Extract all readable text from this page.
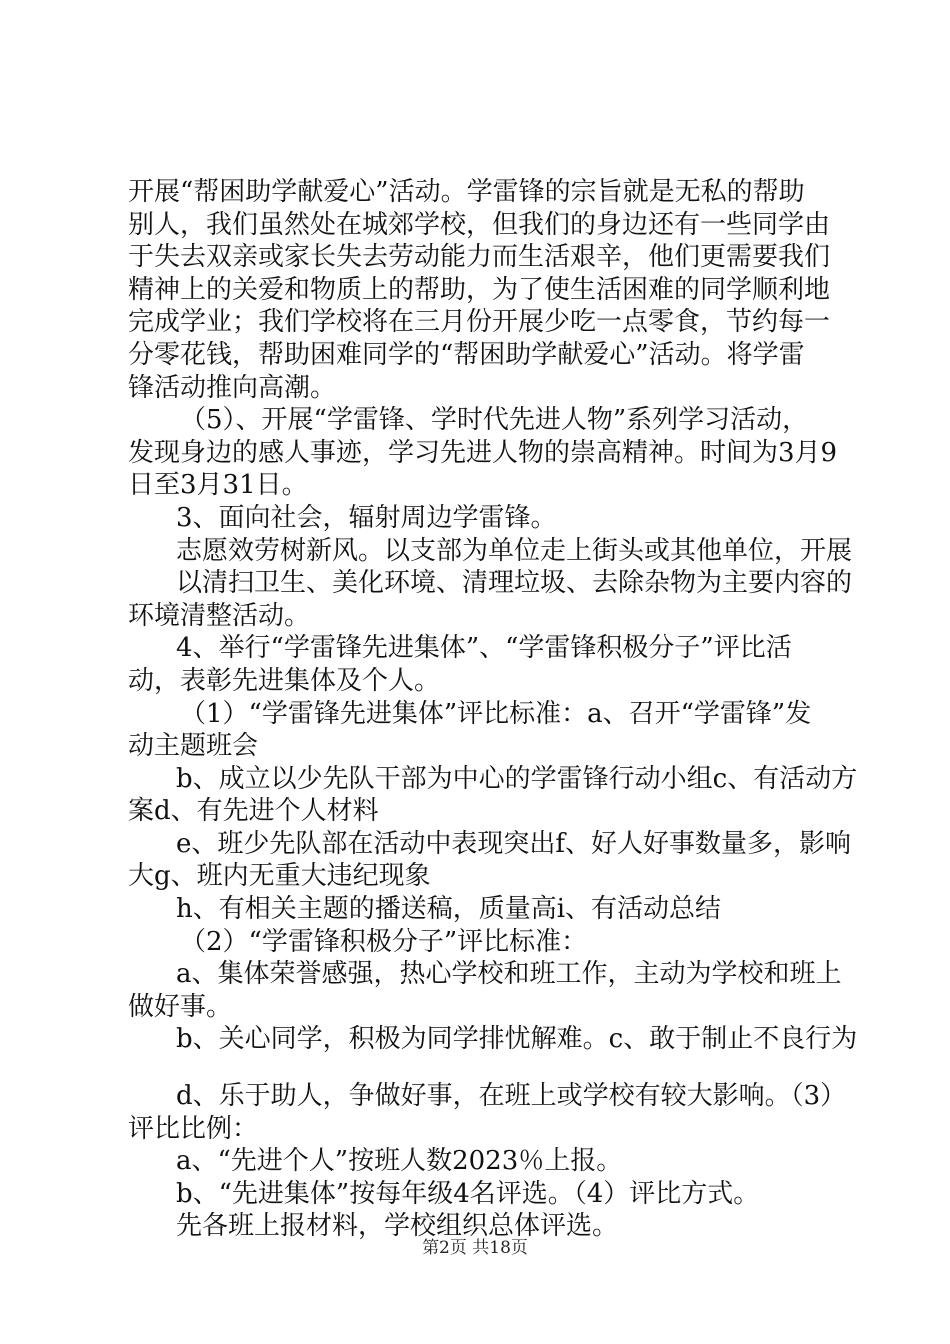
开展“帮困助学献爱心”活动。学雷锋的宗旨就是无私的帮助
别人，我们虽然处在城郊学校，但我们的身边还有一些同学由
于失去双亲或家长失去劳动能力而生活艰辛，他们更需要我们
精神上的关爱和物质上的帮助，为了使生活困难的同学顺利地
完成学业；我们学校将在三月份开展少吃一点零食，节约每一
分零花钱，帮助困难同学的“帮困助学献爱心”活动。将学雷
锋活动推向高潮。
（5）、开展“学雷锋、学时代先进人物”系列学习活动，
发现身边的感人事迹，学习先进人物的崇高精神。时间为3月9
日至3月31日。
3、面向社会，辐射周边学雷锋。
志愿效劳树新风。以支部为单位走上街头或其他单位，开展
以清扫卫生、美化环境、清理垃圾、去除杂物为主要内容的
环境清整活动。
4、举行“学雷锋先进集体”、“学雷锋积极分子”评比活
动，表彰先进集体及个人。
（1）“学雷锋先进集体”评比标准：a、召开“学雷锋”发
动主题班会
b、成立以少先队干部为中心的学雷锋行动小组c、有活动方
案d、有先进个人材料
e、班少先队部在活动中表现突出f、好人好事数量多，影响
大g、班内无重大违纪现象
h、有相关主题的播送稿，质量高i、有活动总结
（2）“学雷锋积极分子”评比标准：
a、集体荣誉感强，热心学校和班工作，主动为学校和班上
做好事。
b、关心同学，积极为同学排忧解难。c、敢于制止不良行为
d、乐于助人，争做好事，在班上或学校有较大影响。（3）
评比比例：
a、“先进个人”按班人数2023％上报。
b、“先进集体”按每年级4名评选。（4）评比方式。
先各班上报材料，学校组织总体评选。
第2页 共18页
